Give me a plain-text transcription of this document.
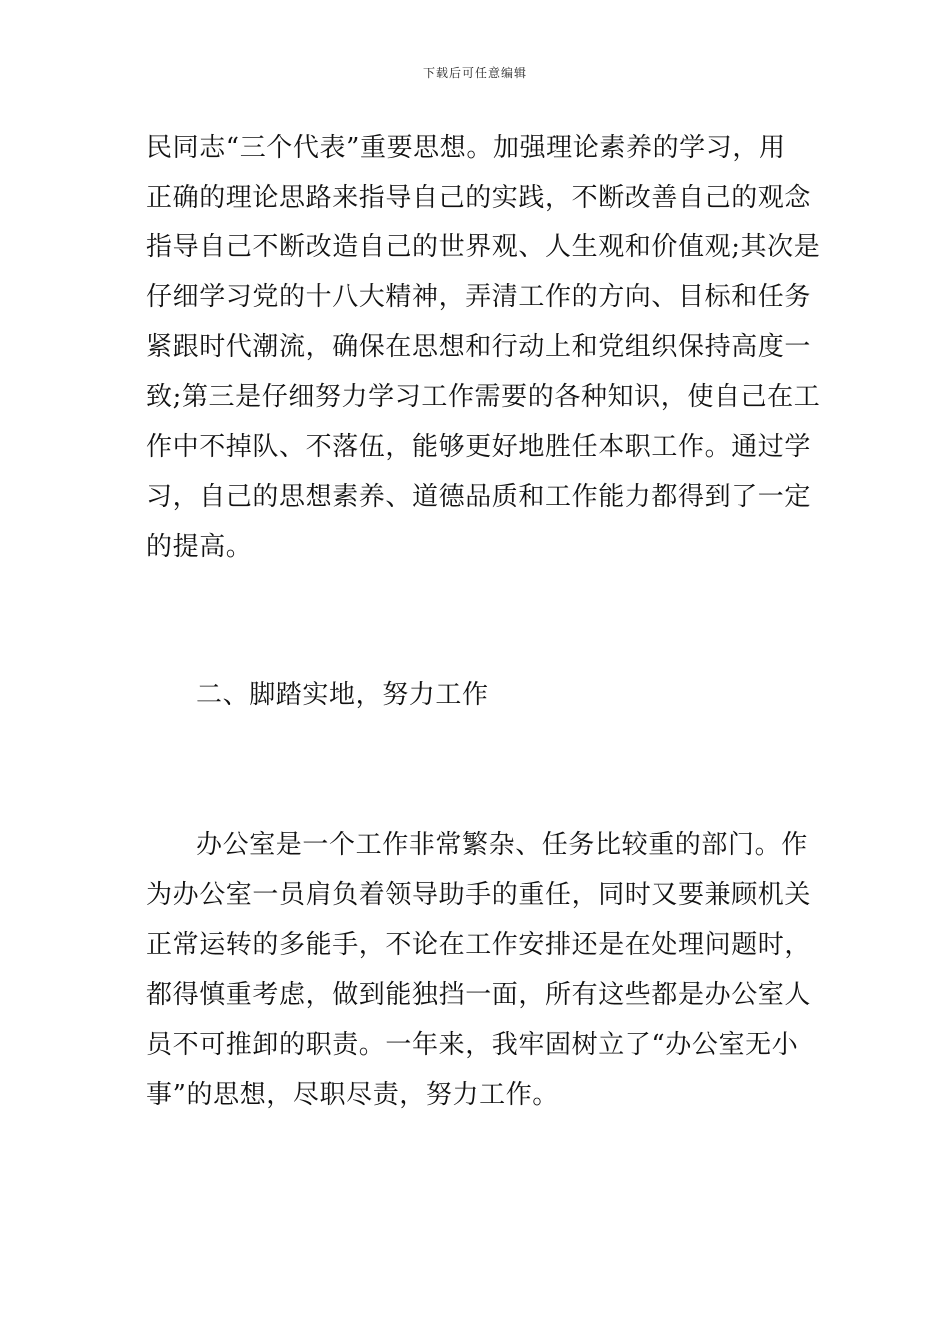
下载后可任意编辑
民同志“三个代表”重要思想。加强理论素养的学习，用
正确的理论思路来指导自己的实践，不断改善自己的观念
指导自己不断改造自己的世界观、人生观和价值观;其次是
仔细学习党的十八大精神，弄清工作的方向、目标和任务
紧跟时代潮流，确保在思想和行动上和党组织保持高度一
致;第三是仔细努力学习工作需要的各种知识，使自己在工
作中不掉队、不落伍，能够更好地胜任本职工作。通过学
习，自己的思想素养、道德品质和工作能力都得到了一定
的提高。
二、脚踏实地，努力工作
办公室是一个工作非常繁杂、任务比较重的部门。作
为办公室一员肩负着领导助手的重任，同时又要兼顾机关
正常运转的多能手，不论在工作安排还是在处理问题时，
都得慎重考虑，做到能独挡一面，所有这些都是办公室人
员不可推卸的职责。一年来，我牢固树立了“办公室无小
事”的思想，尽职尽责，努力工作。
